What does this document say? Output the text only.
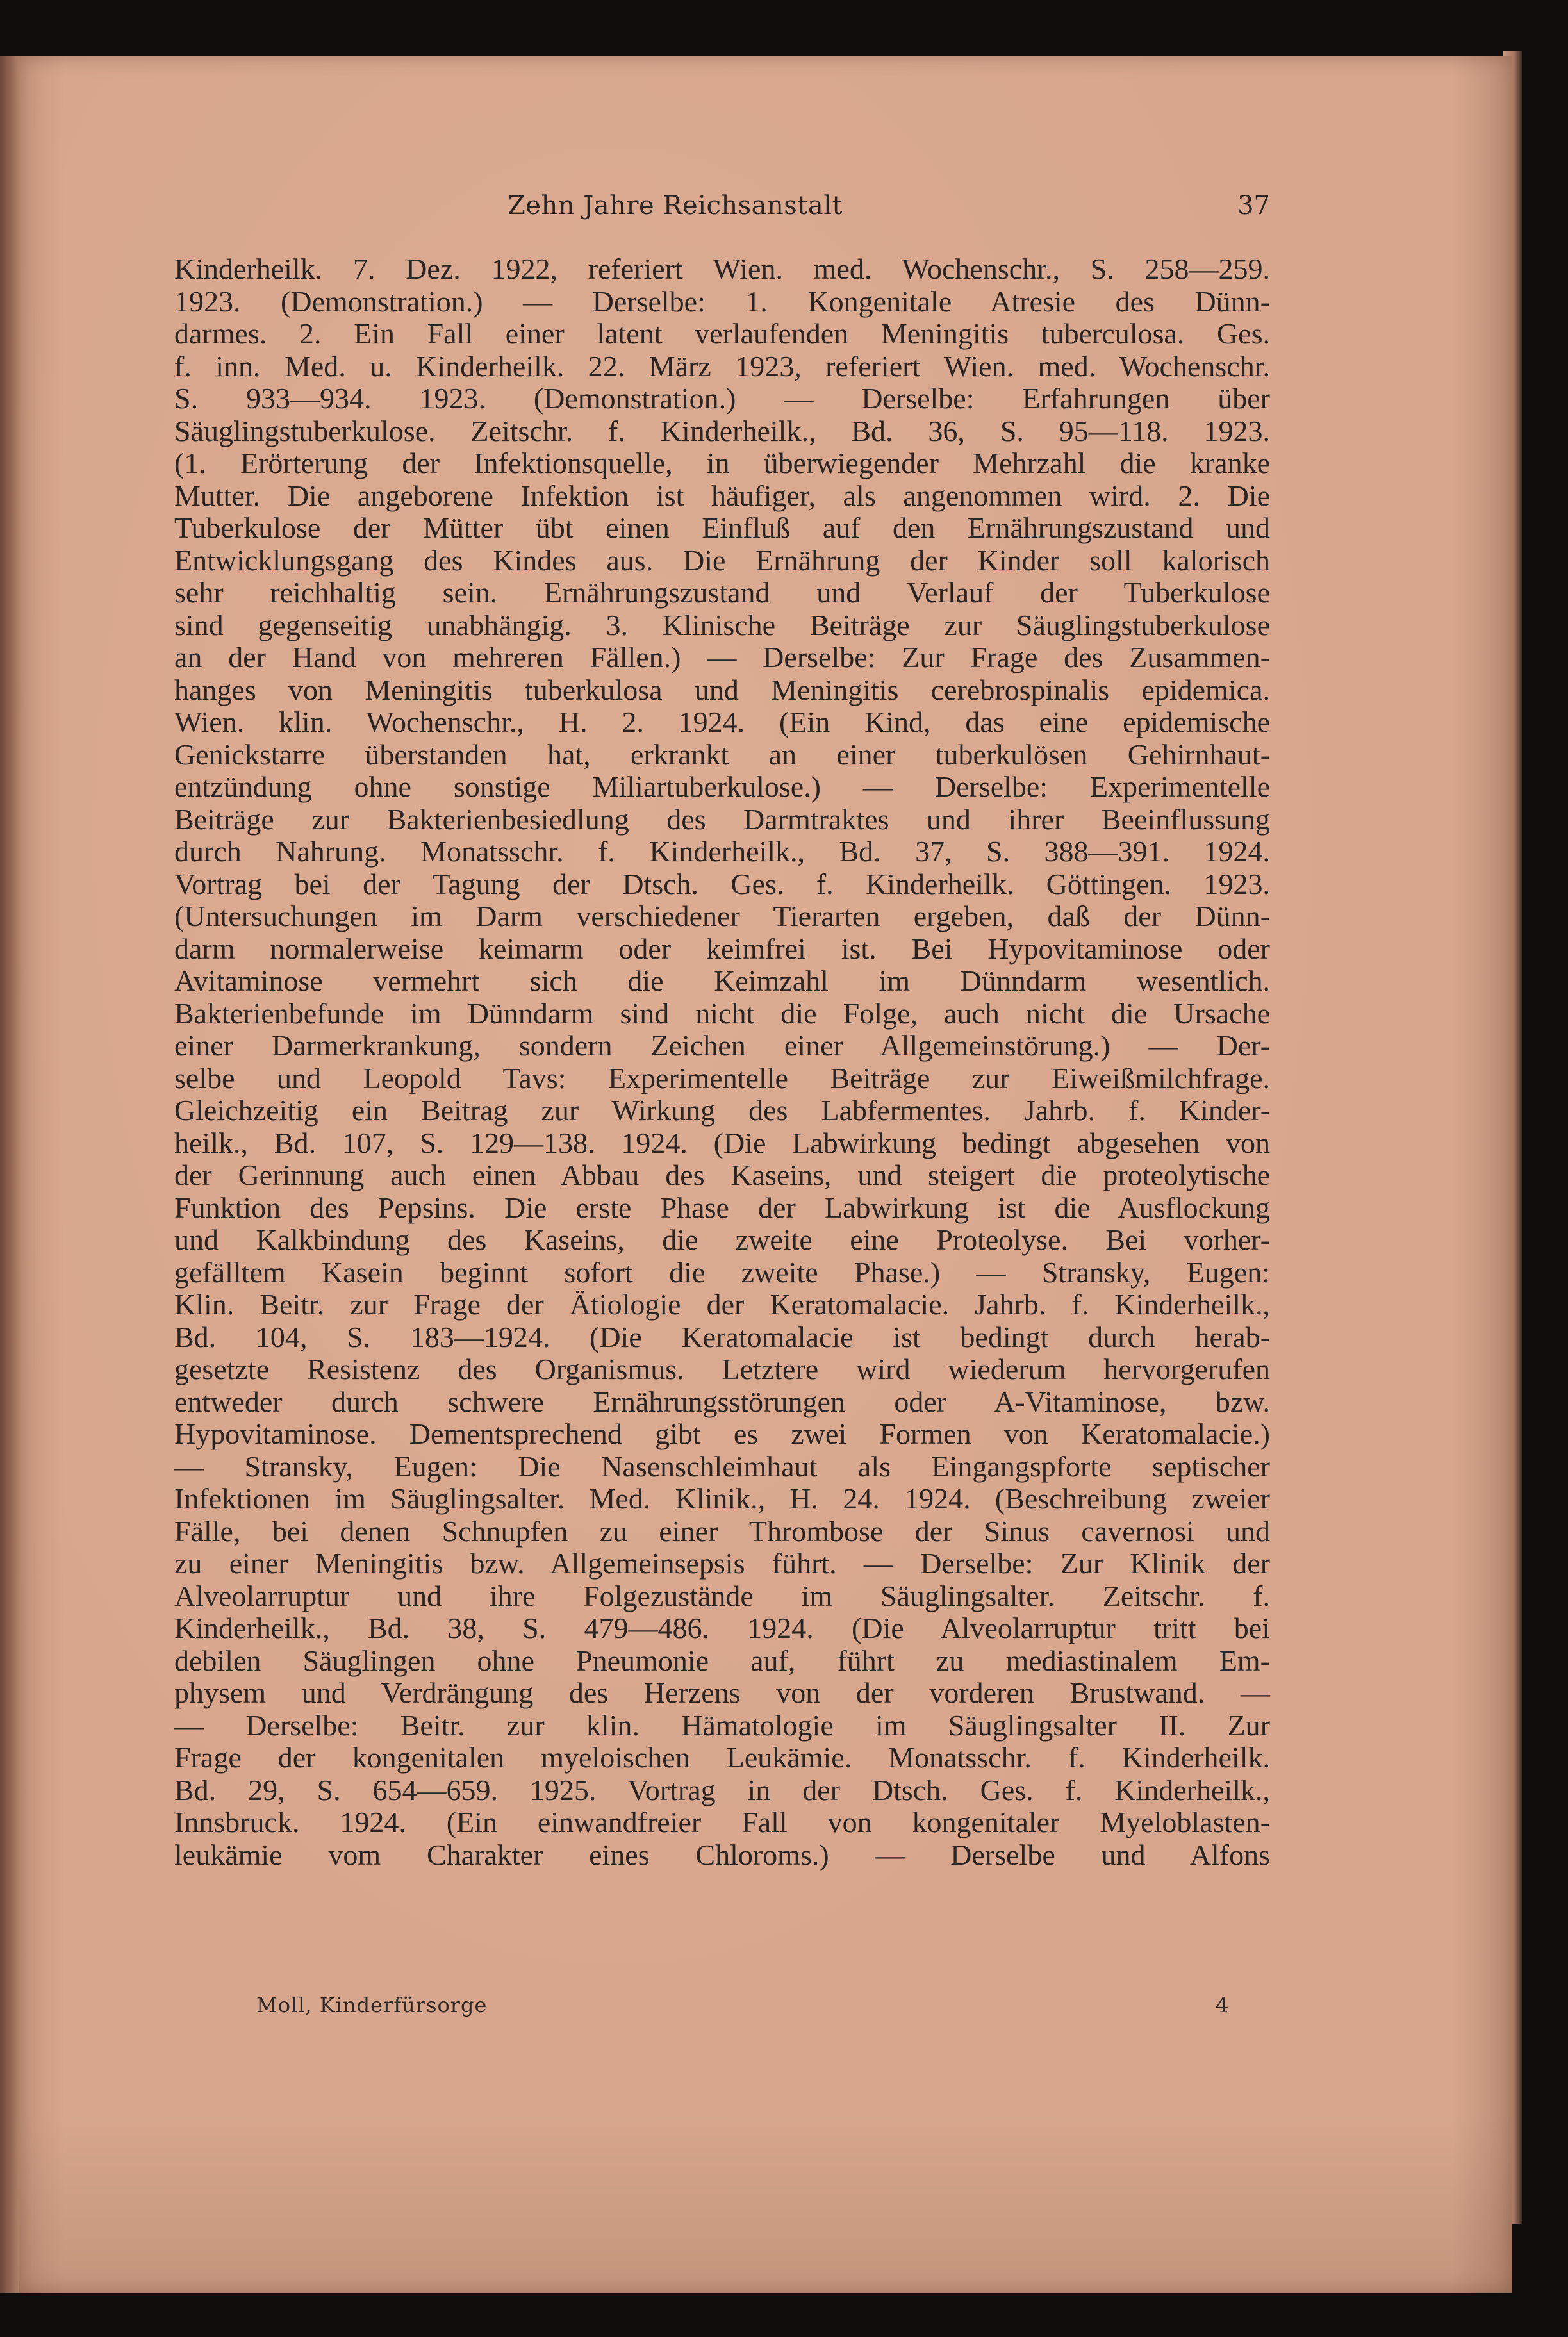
Zehn Jahre Reichsanstalt	37
Kinderheilk. 7. Dez. 1922, referiert Wien. med. Wochenschr., S. 258—259.
1923. (Demonstration.) — Derselbe: 1. Kongenitale Atresie des Dünn-
darmes. 2. Ein Fall einer latent verlaufenden Meningitis tuberculosa. Ges.
f. inn. Med. u. Kinderheilk. 22. März 1923, referiert Wien. med. Wochenschr.
S. 933—934. 1923. (Demonstration.) — Derselbe: Erfahrungen über
Säuglingstuberkulose. Zeitschr. f. Kinderheilk., Bd. 36, S. 95—118. 1923.
(1. Erörterung der Infektionsquelle, in überwiegender Mehrzahl die kranke
Mutter. Die angeborene Infektion ist häufiger, als angenommen wird. 2. Die
Tuberkulose der Mütter übt einen Einfluß auf den Ernährungszustand und
Entwicklungsgang des Kindes aus. Die Ernährung der Kinder soll kalorisch
sehr reichhaltig sein. Ernährungszustand und Verlauf der Tuberkulose
sind gegenseitig unabhängig. 3. Klinische Beiträge zur Säuglingstuberkulose
an der Hand von mehreren Fällen.) — Derselbe: Zur Frage des Zusammen-
hanges von Meningitis tuberkulosa und Meningitis cerebrospinalis epidemica.
Wien. klin. Wochenschr., H. 2. 1924. (Ein Kind, das eine epidemische
Genickstarre überstanden hat, erkrankt an einer tuberkulösen Gehirnhaut-
entzündung ohne sonstige Miliartuberkulose.) — Derselbe: Experimentelle
Beiträge zur Bakterienbesiedlung des Darmtraktes und ihrer Beeinflussung
durch Nahrung. Monatsschr. f. Kinderheilk., Bd. 37, S. 388—391. 1924.
Vortrag bei der Tagung der Dtsch. Ges. f. Kinderheilk. Göttingen. 1923.
(Untersuchungen im Darm verschiedener Tierarten ergeben, daß der Dünn-
darm normalerweise keimarm oder keimfrei ist. Bei Hypovitaminose oder
Avitaminose vermehrt sich die Keimzahl im Dünndarm wesentlich.
Bakterienbefunde im Dünndarm sind nicht die Folge, auch nicht die Ursache
einer Darmerkrankung, sondern Zeichen einer Allgemeinstörung.) — Der-
selbe und Leopold Tavs: Experimentelle Beiträge zur Eiweißmilchfrage.
Gleichzeitig ein Beitrag zur Wirkung des Labfermentes. Jahrb. f. Kinder-
heilk., Bd. 107, S. 129—138. 1924. (Die Labwirkung bedingt abgesehen von
der Gerinnung auch einen Abbau des Kaseins, und steigert die proteolytische
Funktion des Pepsins. Die erste Phase der Labwirkung ist die Ausflockung
und Kalkbindung des Kaseins, die zweite eine Proteolyse. Bei vorher-
gefälltem Kasein beginnt sofort die zweite Phase.) — Stransky, Eugen:
Klin. Beitr. zur Frage der Ätiologie der Keratomalacie. Jahrb. f. Kinderheilk.,
Bd. 104, S. 183—1924. (Die Keratomalacie ist bedingt durch herab-
gesetzte Resistenz des Organismus. Letztere wird wiederum hervorgerufen
entweder durch schwere Ernährungsstörungen oder A-Vitaminose, bzw.
Hypovitaminose. Dementsprechend gibt es zwei Formen von Keratomalacie.)
— Stransky, Eugen: Die Nasenschleimhaut als Eingangspforte septischer
Infektionen im Säuglingsalter. Med. Klinik., H. 24. 1924. (Beschreibung zweier
Fälle, bei denen Schnupfen zu einer Thrombose der Sinus cavernosi und
zu einer Meningitis bzw. Allgemeinsepsis führt. — Derselbe: Zur Klinik der
Alveolarruptur und ihre Folgezustände im Säuglingsalter. Zeitschr. f.
Kinderheilk., Bd. 38, S. 479—486. 1924. (Die Alveolarruptur tritt bei
debilen Säuglingen ohne Pneumonie auf, führt zu mediastinalem Em-
physem und Verdrängung des Herzens von der vorderen Brustwand. —
— Derselbe: Beitr. zur klin. Hämatologie im Säuglingsalter II. Zur
Frage der kongenitalen myeloischen Leukämie. Monatsschr. f. Kinderheilk.
Bd. 29, S. 654—659. 1925. Vortrag in der Dtsch. Ges. f. Kinderheilk.,
Innsbruck. 1924. (Ein einwandfreier Fall von kongenitaler Myeloblasten-
leukämie vom Charakter eines Chloroms.) — Derselbe und Alfons
Moll, Kinderfürsorge	4
